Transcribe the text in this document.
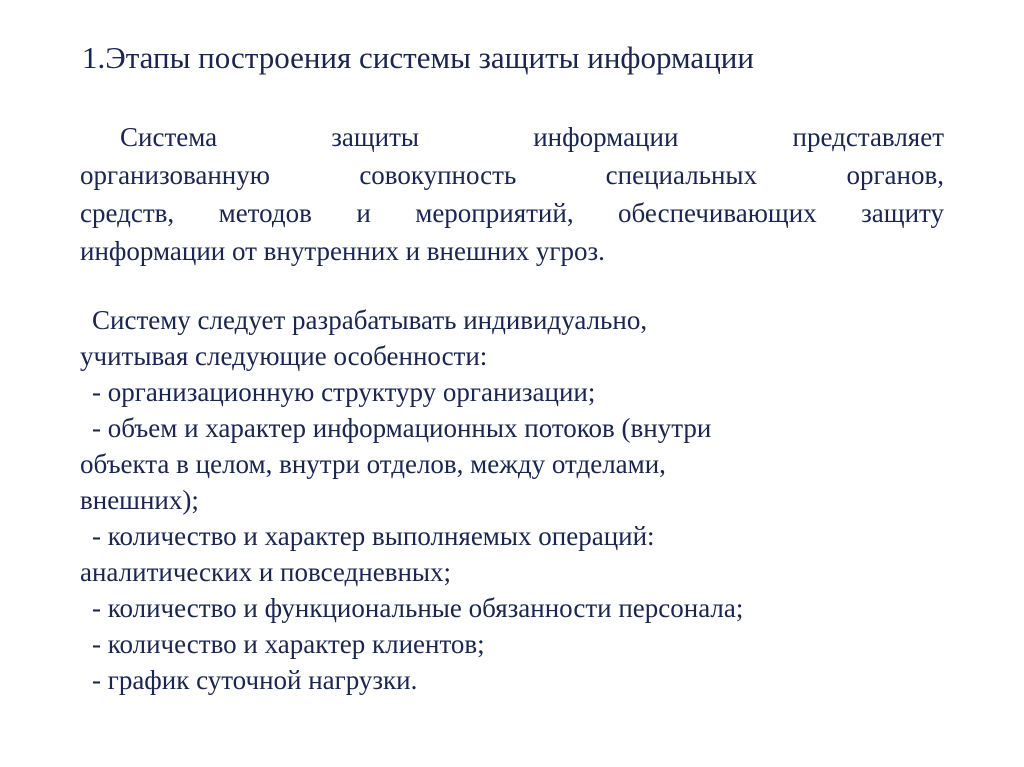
1.Этапы построения системы защиты информации
Система	защиты	информации	представляет
организованную	совокупность	специальных	органов,
средств, методов и мероприятий, обеспечивающих защиту
информации от внутренних и внешних угроз.
Систему следует разрабатывать индивидуально,
учитывая следующие особенности:
- организационную структуру организации;
- объем и характер информационных потоков (внутри
объекта в целом, внутри отделов, между отделами,
внешних);
- количество и характер выполняемых операций:
аналитических и повседневных;
- количество и функциональные обязанности персонала;
- количество и характер клиентов;
- график суточной нагрузки.
